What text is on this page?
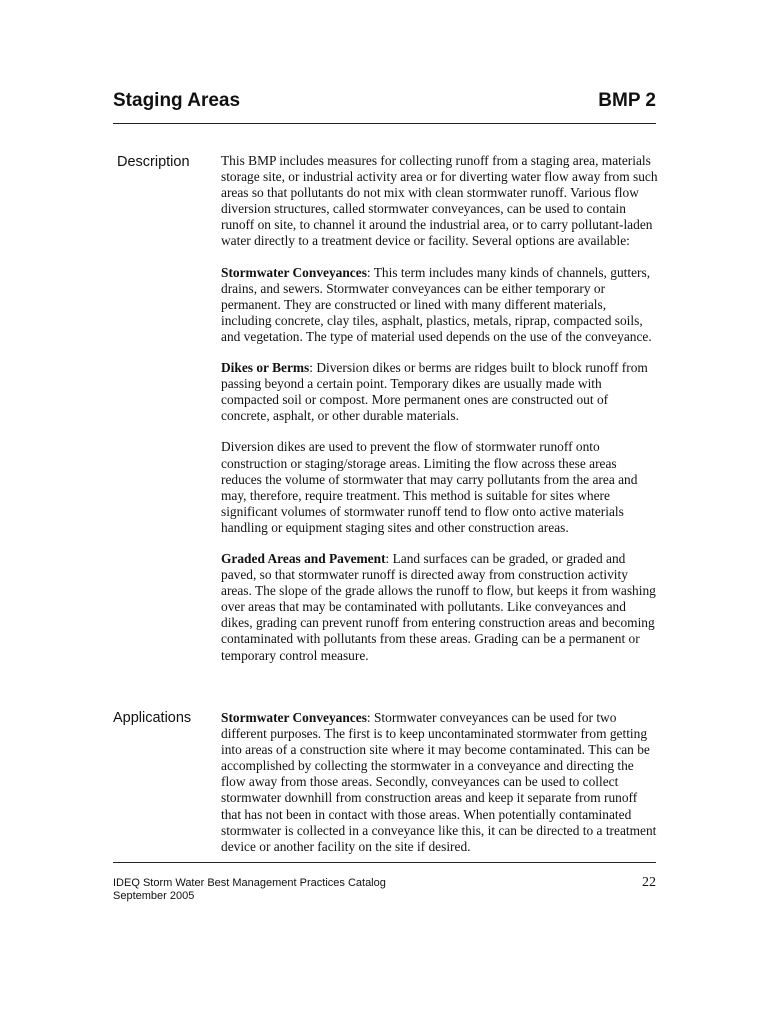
Staging Areas	BMP 2
Description This BMP includes measures for collecting runoff from a staging area, materials storage site, or industrial activity area or for diverting water flow away from such areas so that pollutants do not mix with clean stormwater runoff. Various flow diversion structures, called stormwater conveyances, can be used to contain runoff on site, to channel it around the industrial area, or to carry pollutant-laden water directly to a treatment device or facility. Several options are available:

Stormwater Conveyances: This term includes many kinds of channels, gutters, drains, and sewers. Stormwater conveyances can be either temporary or permanent. They are constructed or lined with many different materials, including concrete, clay tiles, asphalt, plastics, metals, riprap, compacted soils, and vegetation. The type of material used depends on the use of the conveyance.

Dikes or Berms: Diversion dikes or berms are ridges built to block runoff from passing beyond a certain point. Temporary dikes are usually made with compacted soil or compost. More permanent ones are constructed out of concrete, asphalt, or other durable materials.

Diversion dikes are used to prevent the flow of stormwater runoff onto construction or staging/storage areas. Limiting the flow across these areas reduces the volume of stormwater that may carry pollutants from the area and may, therefore, require treatment. This method is suitable for sites where significant volumes of stormwater runoff tend to flow onto active materials handling or equipment staging sites and other construction areas.

Graded Areas and Pavement: Land surfaces can be graded, or graded and paved, so that stormwater runoff is directed away from construction activity areas. The slope of the grade allows the runoff to flow, but keeps it from washing over areas that may be contaminated with pollutants. Like conveyances and dikes, grading can prevent runoff from entering construction areas and becoming contaminated with pollutants from these areas. Grading can be a permanent or temporary control measure.

Applications Stormwater Conveyances: Stormwater conveyances can be used for two different purposes. The first is to keep uncontaminated stormwater from getting into areas of a construction site where it may become contaminated. This can be accomplished by collecting the stormwater in a conveyance and directing the flow away from those areas. Secondly, conveyances can be used to collect stormwater downhill from construction areas and keep it separate from runoff that has not been in contact with those areas. When potentially contaminated stormwater is collected in a conveyance like this, it can be directed to a treatment device or another facility on the site if desired.

IDEQ Storm Water Best Management Practices Catalog
September 2005
22
